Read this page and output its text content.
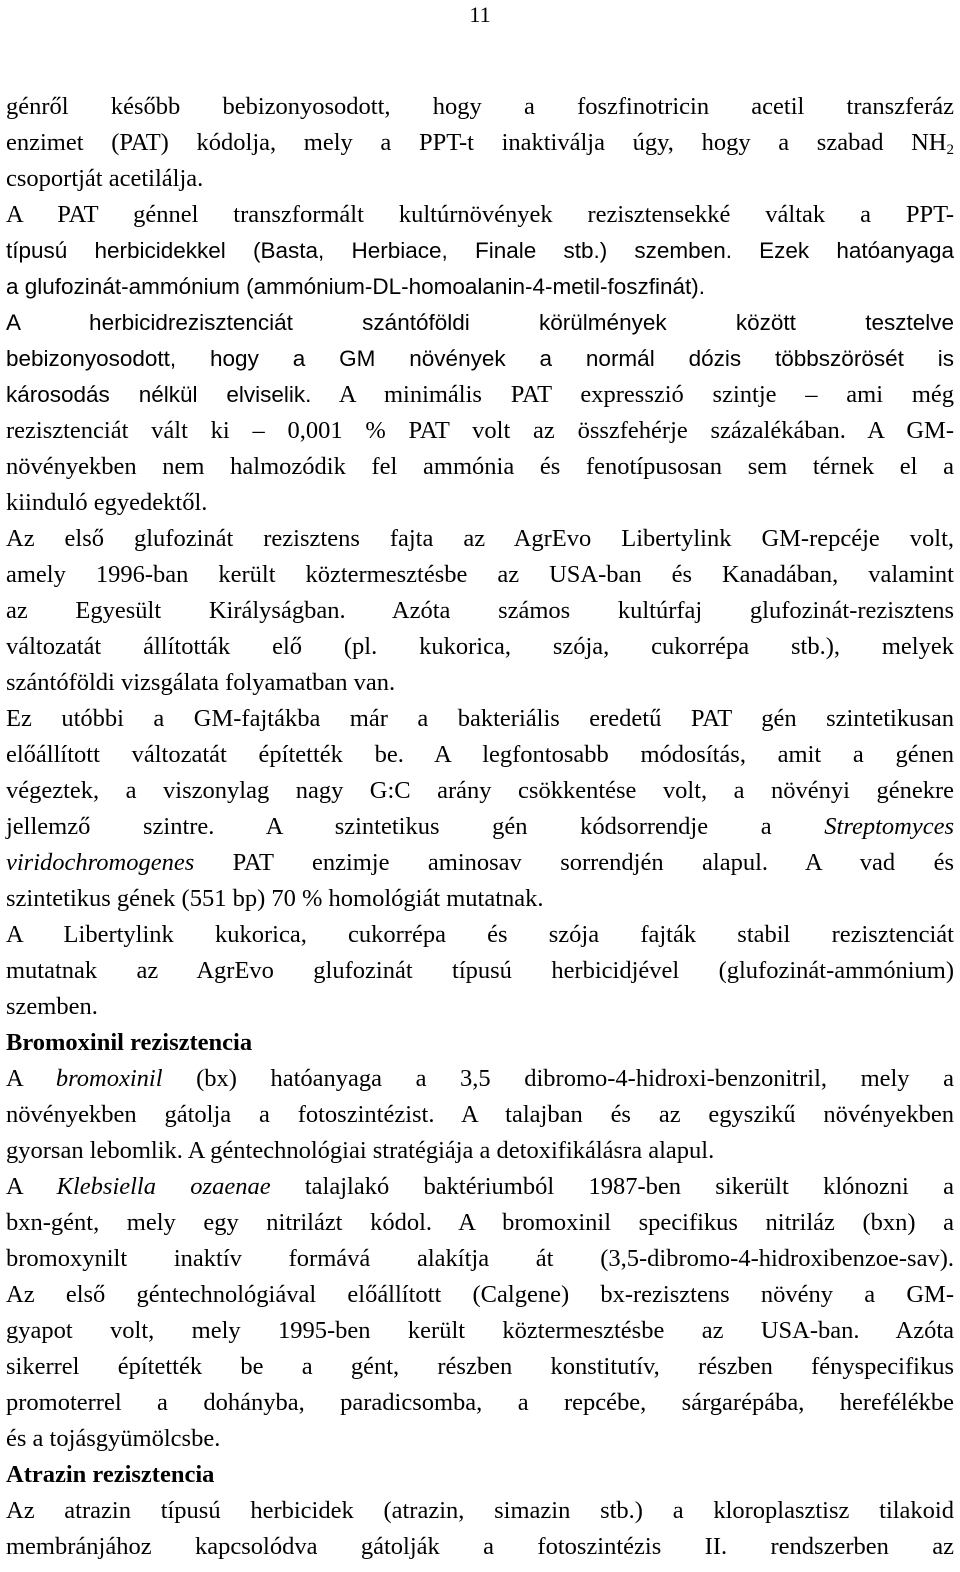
11
génről később bebizonyosodott, hogy a foszfinotricin acetil transzferáz
enzimet (PAT) kódolja, mely a PPT-t inaktiválja úgy, hogy a szabad $NH_2$
csoportját acetilálja.
A PAT génnel transzformált kultúrnövények rezisztensekké váltak a PPT-
típusú herbicidekkel (Basta, Herbiace, Finale stb.) szemben. Ezek hatóanyaga
a glufozinát-ammónium (ammónium-DL-homoalanin-4-metil-foszfinát).
A herbicidrezisztenciát szántóföldi körülmények között tesztelve
bebizonyosodott, hogy a GM növények a normál dózis többszörösét is
károsodás nélkül elviselik. A minimális PAT expresszió szintje – ami még
rezisztenciát vált ki – 0,001 % PAT volt az összfehérje százalékában. A GM-
növényekben nem halmozódik fel ammónia és fenotípusosan sem térnek el a
kiinduló egyedektől.
Az első glufozinát rezisztens fajta az AgrEvo Libertylink GM-repcéje volt,
amely 1996-ban került köztermesztésbe az USA-ban és Kanadában, valamint
az Egyesült Királyságban. Azóta számos kultúrfaj glufozinát-rezisztens
változatát állították elő (pl. kukorica, szója, cukorrépa stb.), melyek
szántóföldi vizsgálata folyamatban van.
Ez utóbbi a GM-fajtákba már a bakteriális eredetű PAT gén szintetikusan
előállított változatát építették be. A legfontosabb módosítás, amit a génen
végeztek, a viszonylag nagy G:C arány csökkentése volt, a növényi génekre
jellemző szintre. A szintetikus gén kódsorrendje a Streptomyces
viridochromogenes PAT enzimje aminosav sorrendjén alapul. A vad és
szintetikus gének (551 bp) 70 % homológiát mutatnak.
A Libertylink kukorica, cukorrépa és szója fajták stabil rezisztenciát
mutatnak az AgrEvo glufozinát típusú herbicidjével (glufozinát-ammónium)
szemben.
Bromoxinil rezisztencia
A bromoxinil (bx) hatóanyaga a 3,5 dibromo-4-hidroxi-benzonitril, mely a
növényekben gátolja a fotoszintézist. A talajban és az egyszikű növényekben
gyorsan lebomlik. A géntechnológiai stratégiája a detoxifikálásra alapul.
A Klebsiella ozaenae talajlakó baktériumból 1987-ben sikerült klónozni a
bxn-gént, mely egy nitrilázt kódol. A bromoxinil specifikus nitriláz (bxn) a
bromoxynilt inaktív formává alakítja át (3,5-dibromo-4-hidroxibenzoe-sav).
Az első géntechnológiával előállított (Calgene) bx-rezisztens növény a GM-
gyapot volt, mely 1995-ben került köztermesztésbe az USA-ban. Azóta
sikerrel építették be a gént, részben konstitutív, részben fényspecifikus
promoterrel a dohányba, paradicsomba, a repcébe, sárgarépába, herefélékbe
és a tojásgyümölcsbe.
Atrazin rezisztencia
Az atrazin típusú herbicidek (atrazin, simazin stb.) a kloroplasztisz tilakoid
membránjához kapcsolódva gátolják a fotoszintézis II. rendszerben az
